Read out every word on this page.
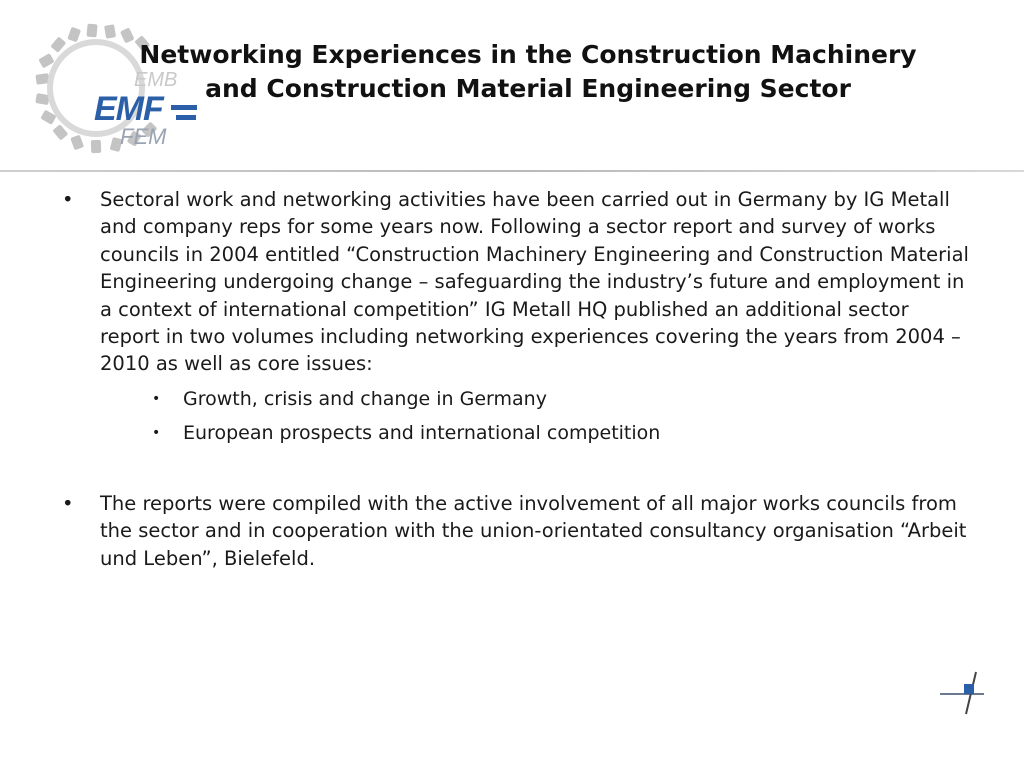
EMB
EMF
FEM
Networking Experiences in the Construction Machinery
and Construction Material Engineering Sector
• Sectoral work and networking activities have been carried out in Germany by IG Metall and company reps for some years now. Following a sector report and survey of works councils in 2004 entitled “Construction Machinery Engineering and Construction Material Engineering undergoing change – safeguarding the industry’s future and employment in a context of international competition” IG Metall HQ published an additional sector report in two volumes including networking experiences covering the years from 2004 – 2010 as well as core issues:
• Growth, crisis and change in Germany
• European prospects and international competition
• The reports were compiled with the active involvement of all major works councils from the sector and in cooperation with the union-orientated consultancy organisation “Arbeit und Leben”, Bielefeld.
